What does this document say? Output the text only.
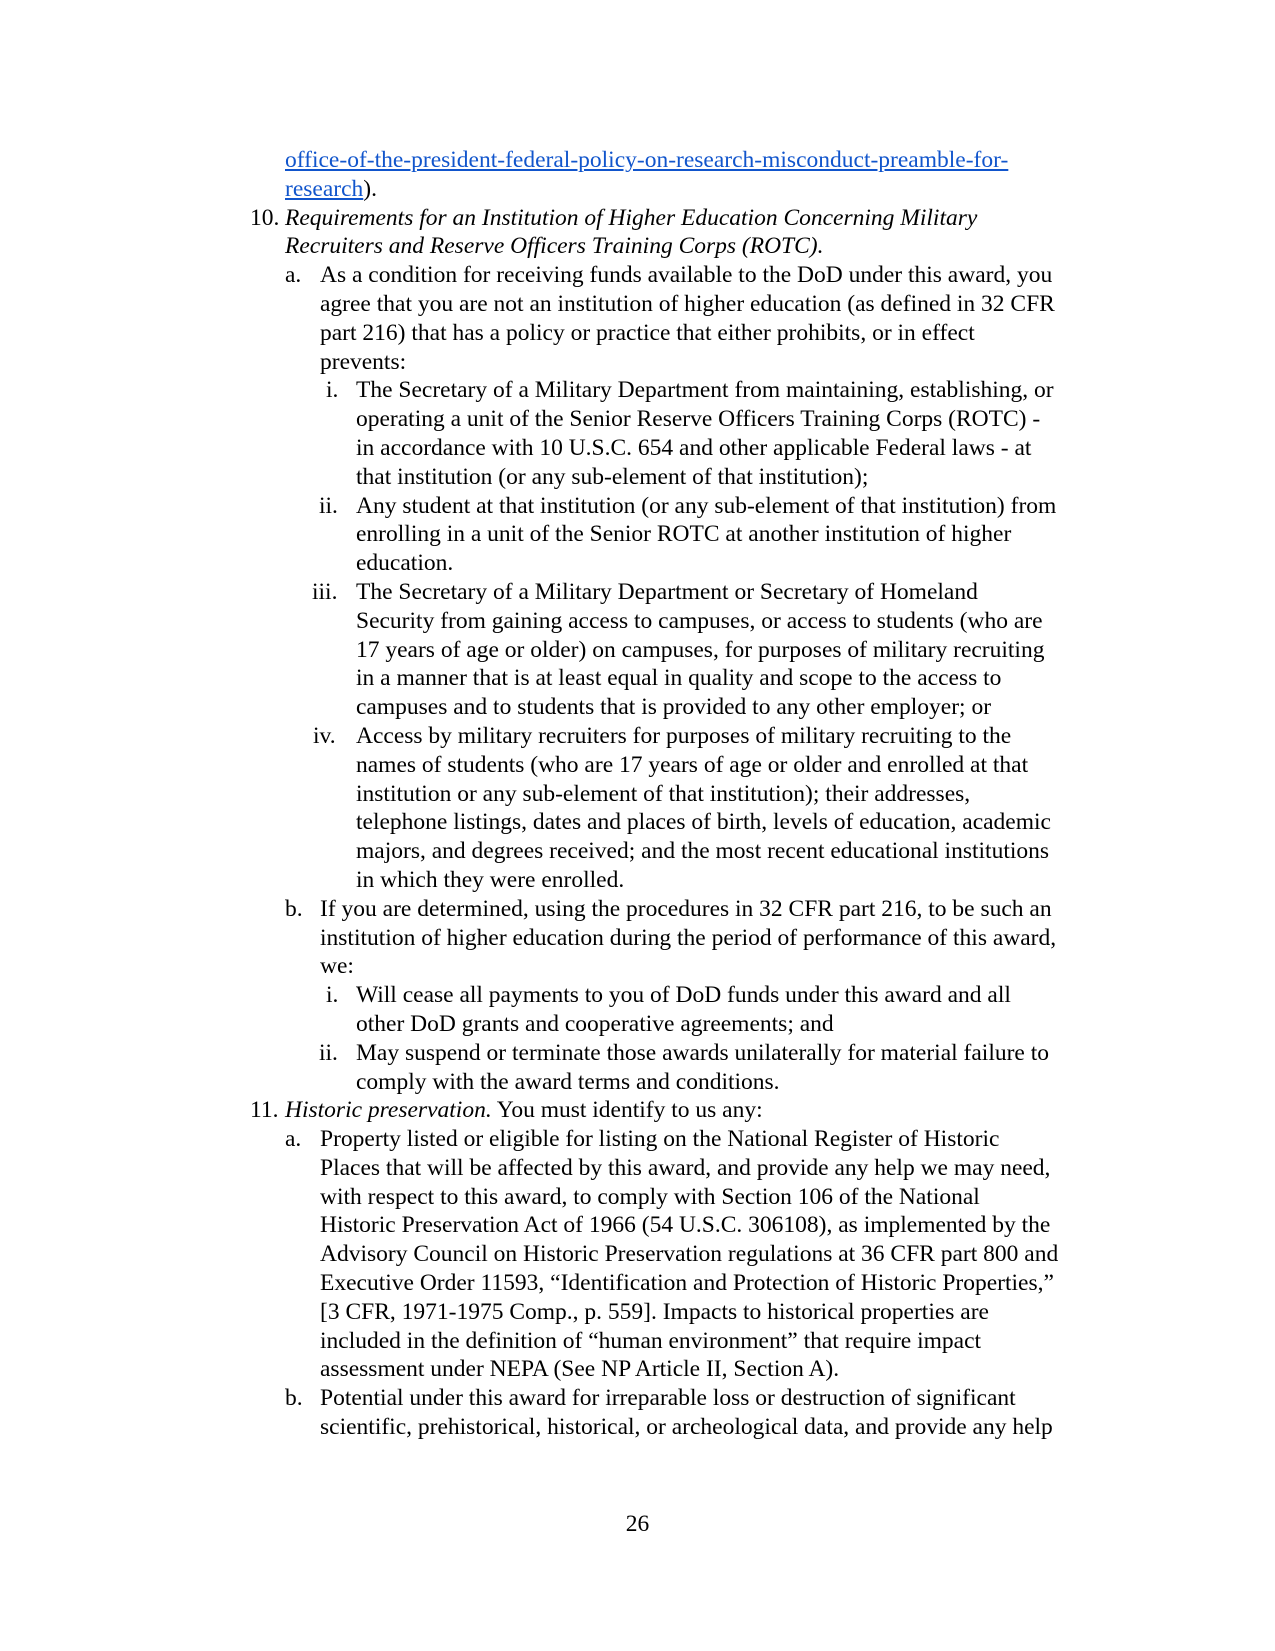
office-of-the-president-federal-policy-on-research-misconduct-preamble-for-
research).
10. Requirements for an Institution of Higher Education Concerning Military
Recruiters and Reserve Officers Training Corps (ROTC).
a. As a condition for receiving funds available to the DoD under this award, you
agree that you are not an institution of higher education (as defined in 32 CFR
part 216) that has a policy or practice that either prohibits, or in effect
prevents:
i. The Secretary of a Military Department from maintaining, establishing, or
operating a unit of the Senior Reserve Officers Training Corps (ROTC) -
in accordance with 10 U.S.C. 654 and other applicable Federal laws - at
that institution (or any sub-element of that institution);
ii. Any student at that institution (or any sub-element of that institution) from
enrolling in a unit of the Senior ROTC at another institution of higher
education.
iii. The Secretary of a Military Department or Secretary of Homeland
Security from gaining access to campuses, or access to students (who are
17 years of age or older) on campuses, for purposes of military recruiting
in a manner that is at least equal in quality and scope to the access to
campuses and to students that is provided to any other employer; or
iv. Access by military recruiters for purposes of military recruiting to the
names of students (who are 17 years of age or older and enrolled at that
institution or any sub-element of that institution); their addresses,
telephone listings, dates and places of birth, levels of education, academic
majors, and degrees received; and the most recent educational institutions
in which they were enrolled.
b. If you are determined, using the procedures in 32 CFR part 216, to be such an
institution of higher education during the period of performance of this award,
we:
i. Will cease all payments to you of DoD funds under this award and all
other DoD grants and cooperative agreements; and
ii. May suspend or terminate those awards unilaterally for material failure to
comply with the award terms and conditions.
11. Historic preservation. You must identify to us any:
a. Property listed or eligible for listing on the National Register of Historic
Places that will be affected by this award, and provide any help we may need,
with respect to this award, to comply with Section 106 of the National
Historic Preservation Act of 1966 (54 U.S.C. 306108), as implemented by the
Advisory Council on Historic Preservation regulations at 36 CFR part 800 and
Executive Order 11593, “Identification and Protection of Historic Properties,”
[3 CFR, 1971-1975 Comp., p. 559]. Impacts to historical properties are
included in the definition of “human environment” that require impact
assessment under NEPA (See NP Article II, Section A).
b. Potential under this award for irreparable loss or destruction of significant
scientific, prehistorical, historical, or archeological data, and provide any help
26
